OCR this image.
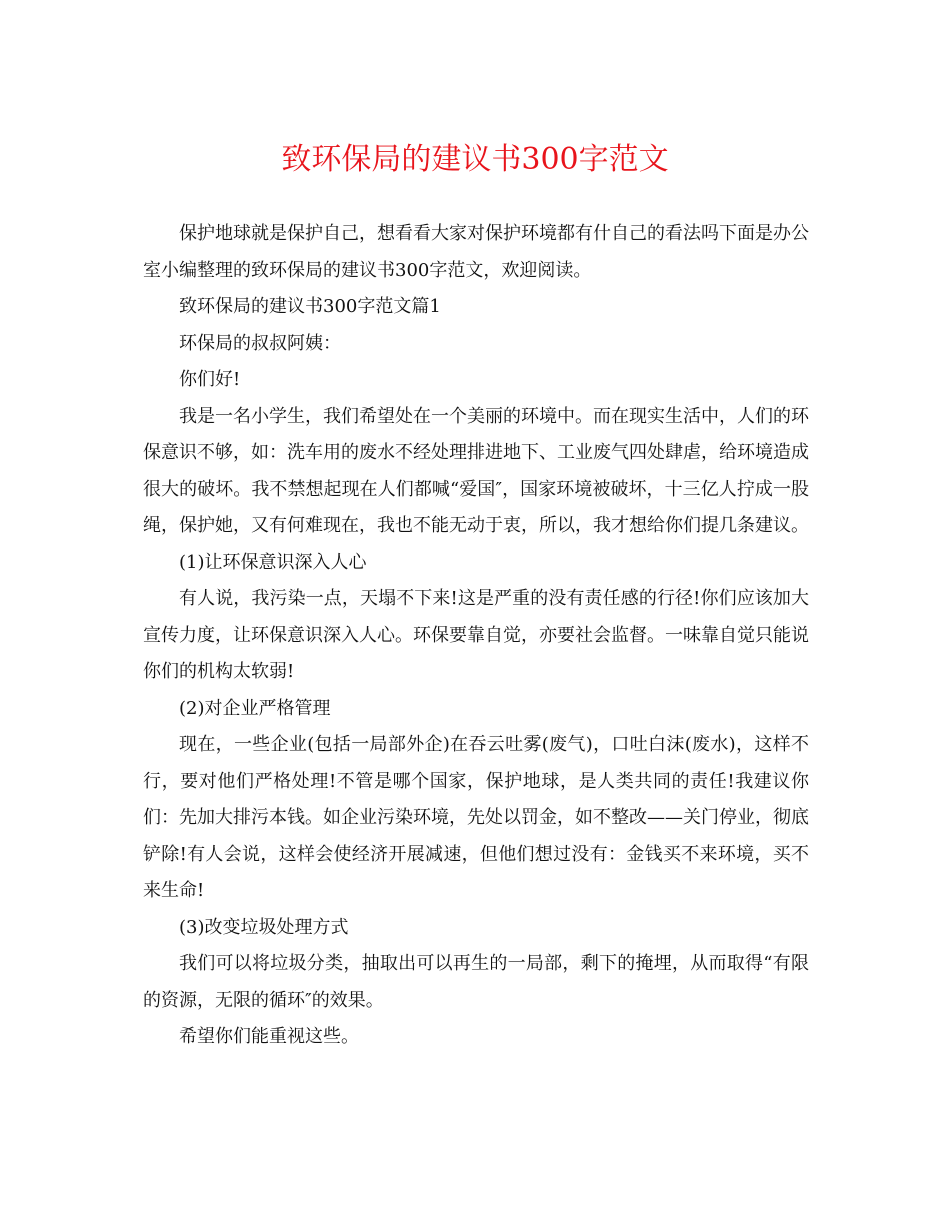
致环保局的建议书300字范文

保护地球就是保护自己，想看看大家对保护环境都有什自己的看法吗下面是办公室小编整理的致环保局的建议书300字范文，欢迎阅读。

致环保局的建议书300字范文篇1

环保局的叔叔阿姨：

你们好!

我是一名小学生，我们希望处在一个美丽的环境中。而在现实生活中，人们的环保意识不够，如：洗车用的废水不经处理排进地下、工业废气四处肆虐，给环境造成很大的破坏。我不禁想起现在人们都喊“爱国″，国家环境被破坏，十三亿人拧成一股绳，保护她，又有何难现在，我也不能无动于衷，所以，我才想给你们提几条建议。

(1)让环保意识深入人心

有人说，我污染一点，天塌不下来!这是严重的没有责任感的行径!你们应该加大宣传力度，让环保意识深入人心。环保要靠自觉，亦要社会监督。一味靠自觉只能说你们的机构太软弱!

(2)对企业严格管理

现在，一些企业(包括一局部外企)在吞云吐雾(废气)，口吐白沫(废水)，这样不行，要对他们严格处理!不管是哪个国家，保护地球，是人类共同的责任!我建议你们：先加大排污本钱。如企业污染环境，先处以罚金，如不整改——关门停业，彻底铲除!有人会说，这样会使经济开展减速，但他们想过没有：金钱买不来环境，买不来生命!

(3)改变垃圾处理方式

我们可以将垃圾分类，抽取出可以再生的一局部，剩下的掩埋，从而取得“有限的资源，无限的循环″的效果。

希望你们能重视这些。
